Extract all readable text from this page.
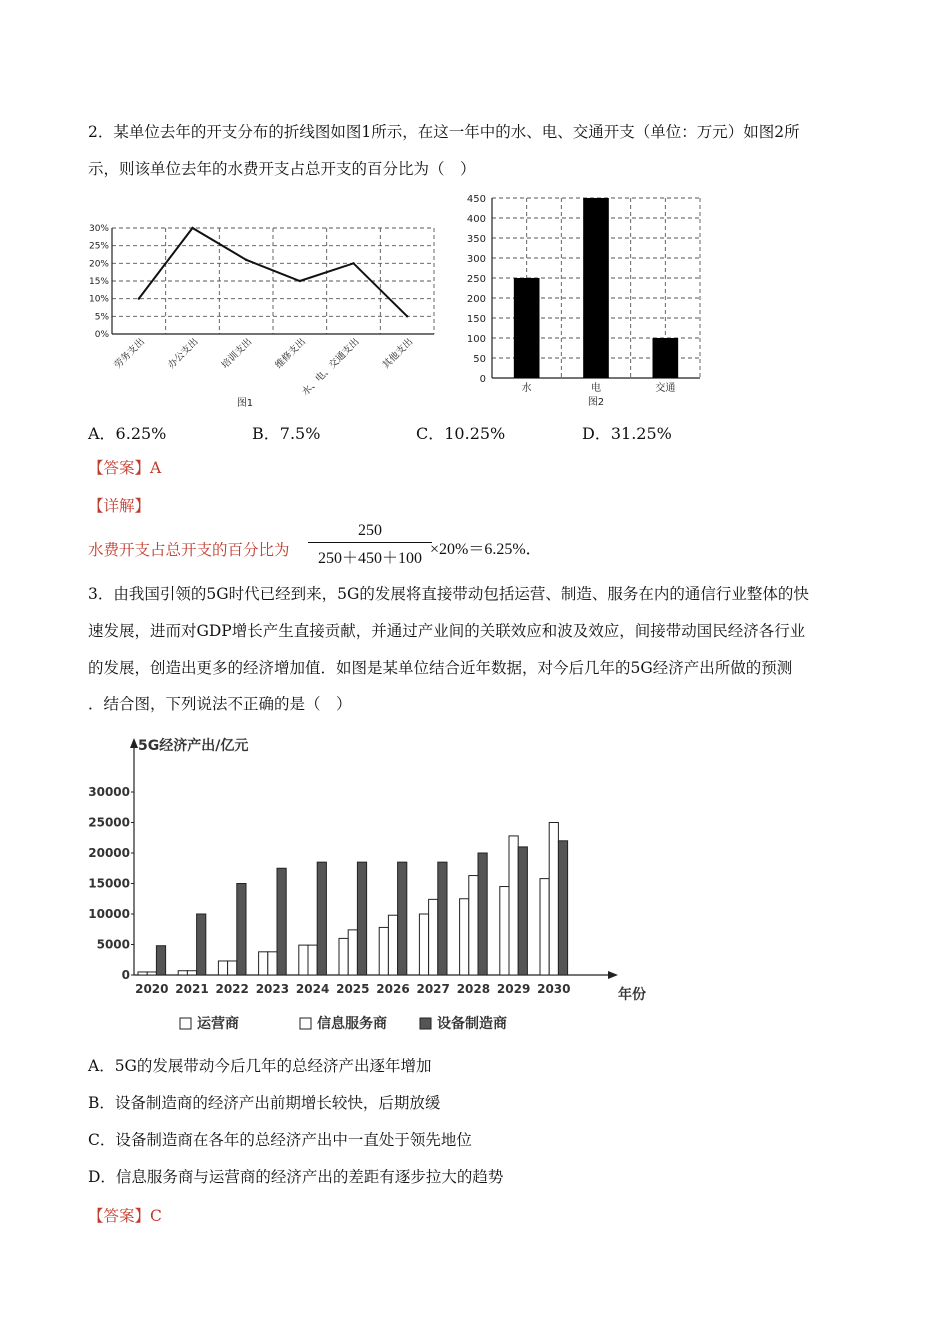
2．某单位去年的开支分布的折线图如图1所示，在这一年中的水、电、交通开支（单位：万元）如图2所
示，则该单位去年的水费开支占总开支的百分比为（　）
0%
5%
10%
15%
20%
25%
30%
劳务支出 办公支出 培训支出 维修支出
水、电、交通支出 其他支出
图1
0
50
100
150
200
250
300
350
400
450
水	电	交通
图2
A．6.25%	B．7.5%	C．10.25%	D．31.25%
【答案】A
【详解】
水费开支占总开支的百分比为 $\frac{250}{250+450+100}$
×20%＝6.25%．
3．由我国引领的5G时代已经到来，5G的发展将直接带动包括运营、制造、服务在内的通信行业整体的快
速发展，进而对GDP增长产生直接贡献，并通过产业间的关联效应和波及效应，间接带动国民经济各行业
的发展，创造出更多的经济增加值．如图是某单位结合近年数据，对今后几年的5G经济产出所做的预测
．结合图，下列说法不正确的是（　）
5G经济产出/亿元
年份
0
5000
10000
15000
20000
25000
30000
2020 2021 2022 2023 2024 2025 2026 2027 2028 2029 2030
运营商	信息服务商	设备制造商
A．5G的发展带动今后几年的总经济产出逐年增加
B．设备制造商的经济产出前期增长较快，后期放缓
C．设备制造商在各年的总经济产出中一直处于领先地位
D．信息服务商与运营商的经济产出的差距有逐步拉大的趋势
【答案】C
